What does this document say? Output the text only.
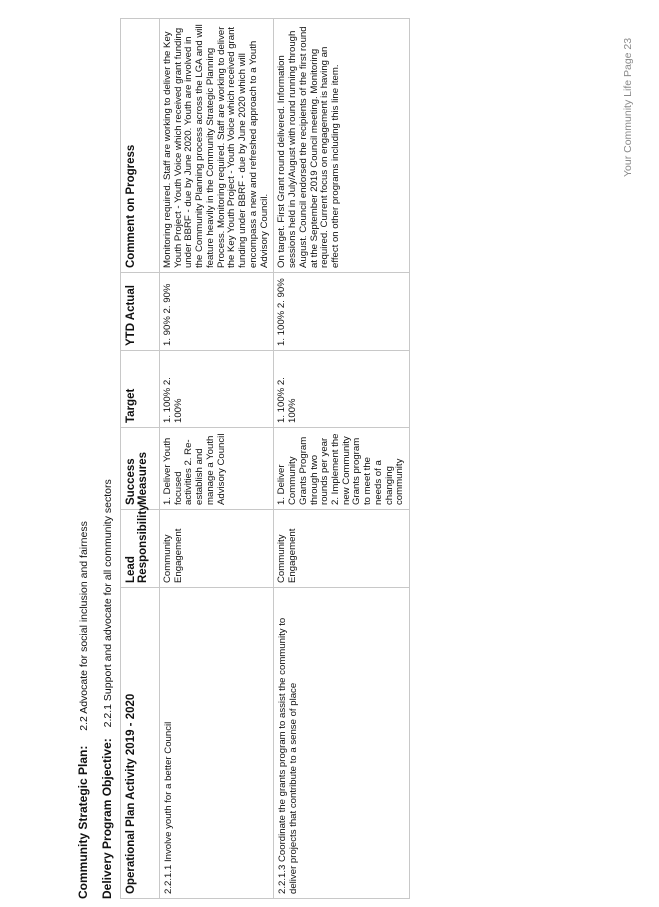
Community Strategic Plan: 2.2 Advocate for social inclusion and fairness
Delivery Program Objective: 2.2.1 Support and advocate for all community sectors
Operational Plan Activity 2019 - 2020	Lead Responsibility	Success Measures	Target	YTD Actual	Comment on Progress
2.2.1.1 Involve youth for a better Council	Community Engagement	1. Deliver Youth focused activities 2. Re-establish and manage a Youth Advisory Council	1. 100% 2. 100%	1. 90% 2. 90%	Monitoring required. Staff are working to deliver the Key Youth Project - Youth Voice which received grant funding under BBRF - due by June 2020. Youth are involved in the Community Planning process across the LGA and will feature heavily in the Community Strategic Planning Process. Monitoring required. Staff are working to deliver the Key Youth Project - Youth Voice which received grant funding under BBRF - due by June 2020 which will encompass a new and refreshed approach to a Youth Advisory Council.
2.2.1.3 Coordinate the grants program to assist the community to deliver projects that contribute to a sense of place	Community Engagement	1. Deliver Community Grants Program through two rounds per year 2. Implement the new Community Grants program to meet the needs of a changing community	1. 100% 2. 100%	1. 100% 2. 90%	On target. First Grant round delivered. Information sessions held in July/August with round running through August. Council endorsed the recipients of the first round at the September 2019 Council meeting. Monitoring required. Current focus on engagement is having an effect on other programs including this line item.	Your Community Life Page 23
